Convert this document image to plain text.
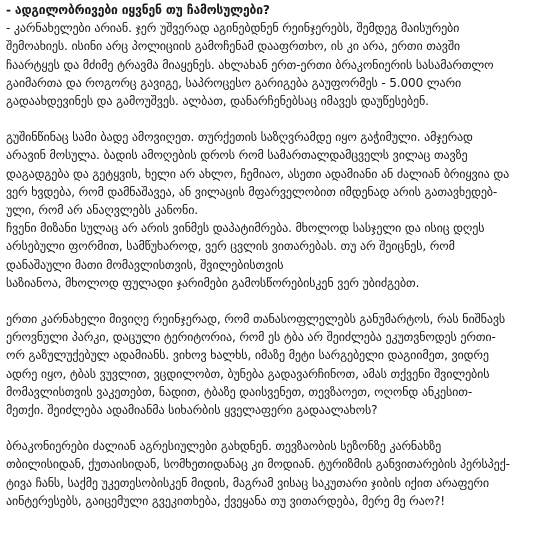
- ადგილობრივები იყვნენ თუ ჩამოსულები?
- კარნახელები არიან. ჯერ უშვერად აგინებდნენ რეინჯერებს, შემდეგ მაისურები
შემოახიეს. ისინი არც პოლიციის გამოჩენამ დააფრთხო, ის კი არა, ერთი თავში
ჩაარტყეს და მძიმე ტრავმა მიაყენეს. ახლახან ერთ-ერთი ბრაკონიერის სასამართლო
გაიმართა და როგორც გავიგე, საპროცესო გარიგება გაუფორმეს - 5.000 ლარი
გადაახდევინეს და გამოუშვეს. ალბათ, დანარჩენებსაც იმავეს დაუწესებენ.
გუშინწინაც სამი ბადე ამოვიღეთ. თურქეთის საზღვრამდე იყო გაჭიმული. ამჯერად
არავინ მოსულა. ბადის ამოღების დროს რომ სამართალდამცველს ვილაც თავზე
დაგადგება და გეტყვის, ხელი არ ახლო, ჩემიაო, ასეთი ადამიანი ან ძალიან ბრიყვია და
ვერ ხვდება, რომ დამნაშავეა, ან ვილაცის მფარველობით იმდენად არის გათავხედებ-
ული, რომ არ ანაღვლებს კანონი.
ჩვენი მიზანი სულაც არ არის ვინმეს დაპატიმრება. მხოლოდ სასჯელი და ისიც დღეს
არსებული ფორმით, სამწუხაროდ, ვერ ცვლის ვითარებას. თუ არ შეიცნეს, რომ
დანაშაული მათი მომავლისთვის, შვილებისთვის
საზიანოა, მხოლოდ ფულადი ჯარიმები გამოსწორებისკენ ვერ უბიძგებთ.
ერთი კარნახელი მივიღე რეინჯერად, რომ თანასოფლელებს განუმარტოს, რას ნიშნავს
ეროვნული პარკი, დაცული ტერიტორია, რომ ეს ტბა არ შეიძლება ეკუთვნოდეს ერთი-
ორ გაზულუქებულ ადამიანს. ვიხოვ ხალხს, იმაზე მეტი სარგებელი დაგიიმეთ, ვიდრე
ადრე იყო, ტბას ვუვლით, ვცდილობთ, ბუნება გადავარჩინოთ, ამას თქვენი შვილების
მომავლისთვის ვაკეთებთ, ნადით, ტბაზე დაისვენეთ, თევზაოეთ, ოღონდ ანკესით-
მეთქი. შეიძლება ადამიანმა სიხარბის ყველაფერი გადაალახოს?
ბრაკონიერები ძალიან აგრესიულები გახდნენ. თევზაობის სეზონზე კარნახზე
თბილისიდან, ქუთაისიდან, სომხეთიდანაც კი მოდიან. ტურიზმის განვითარების პერსპექ-
ტივა ჩანს, საქმე უკეთესობისკენ მიდის, მაგრამ ვისაც საკუთარი ჯიბის იქით არაფერი
აინტერესებს, გაიცემული გვეკითხება, ქვეყანა თუ ვითარდება, მერე მე რაო?!
